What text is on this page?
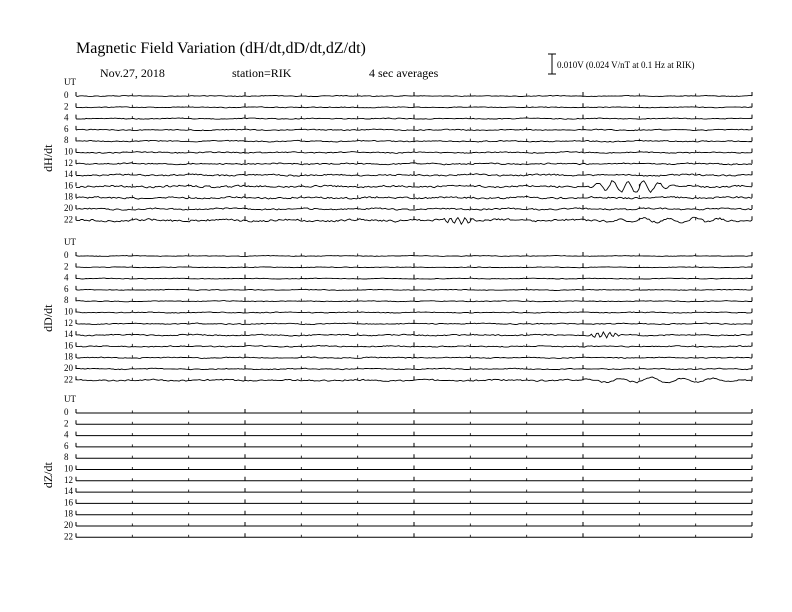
Magnetic Field Variation (dH/dt,dD/dt,dZ/dt)
Nov.27, 2018	station=RIK	4 sec averages
0.010V (0.024 V/nT at 0.1 Hz at RIK)
UT
dH/dt
0
2
4
6
8
10
12
14
16
18
20
22
UT
dD/dt
0
2
4
6
8
10
12
14
16
18
20
22
UT
dZ/dt
0
2
4
6
8
10
12
14
16
18
20
22
